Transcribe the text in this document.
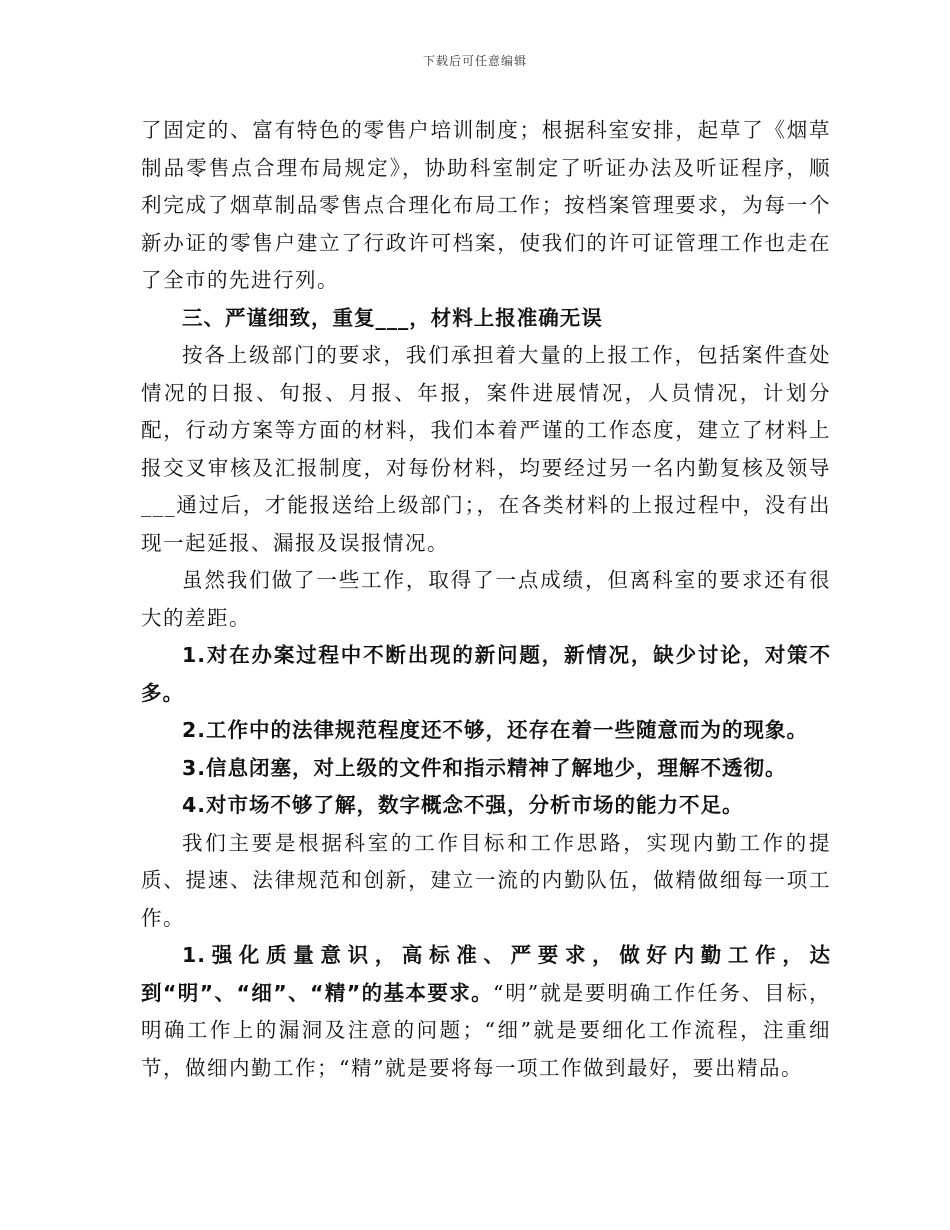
下载后可任意编辑

了固定的、富有特色的零售户培训制度；根据科室安排，起草了《烟草制品零售点合理布局规定》，协助科室制定了听证办法及听证程序，顺利完成了烟草制品零售点合理化布局工作；按档案管理要求，为每一个新办证的零售户建立了行政许可档案，使我们的许可证管理工作也走在了全市的先进行列。

三、严谨细致，重复___，材料上报准确无误

按各上级部门的要求，我们承担着大量的上报工作，包括案件查处情况的日报、旬报、月报、年报，案件进展情况，人员情况，计划分配，行动方案等方面的材料，我们本着严谨的工作态度，建立了材料上报交叉审核及汇报制度，对每份材料，均要经过另一名内勤复核及领导___通过后，才能报送给上级部门；，在各类材料的上报过程中，没有出现一起延报、漏报及误报情况。

虽然我们做了一些工作，取得了一点成绩，但离科室的要求还有很大的差距。

1.对在办案过程中不断出现的新问题，新情况，缺少讨论，对策不多。

2.工作中的法律规范程度还不够，还存在着一些随意而为的现象。

3.信息闭塞，对上级的文件和指示精神了解地少，理解不透彻。

4.对市场不够了解，数字概念不强，分析市场的能力不足。

我们主要是根据科室的工作目标和工作思路，实现内勤工作的提质、提速、法律规范和创新，建立一流的内勤队伍，做精做细每一项工作。

1.强化质量意识，高标准、严要求，做好内勤工作，达到“明”、“细”、“精”的基本要求。“明”就是要明确工作任务、目标，明确工作上的漏洞及注意的问题；“细”就是要细化工作流程，注重细节，做细内勤工作；“精”就是要将每一项工作做到最好，要出精品。
